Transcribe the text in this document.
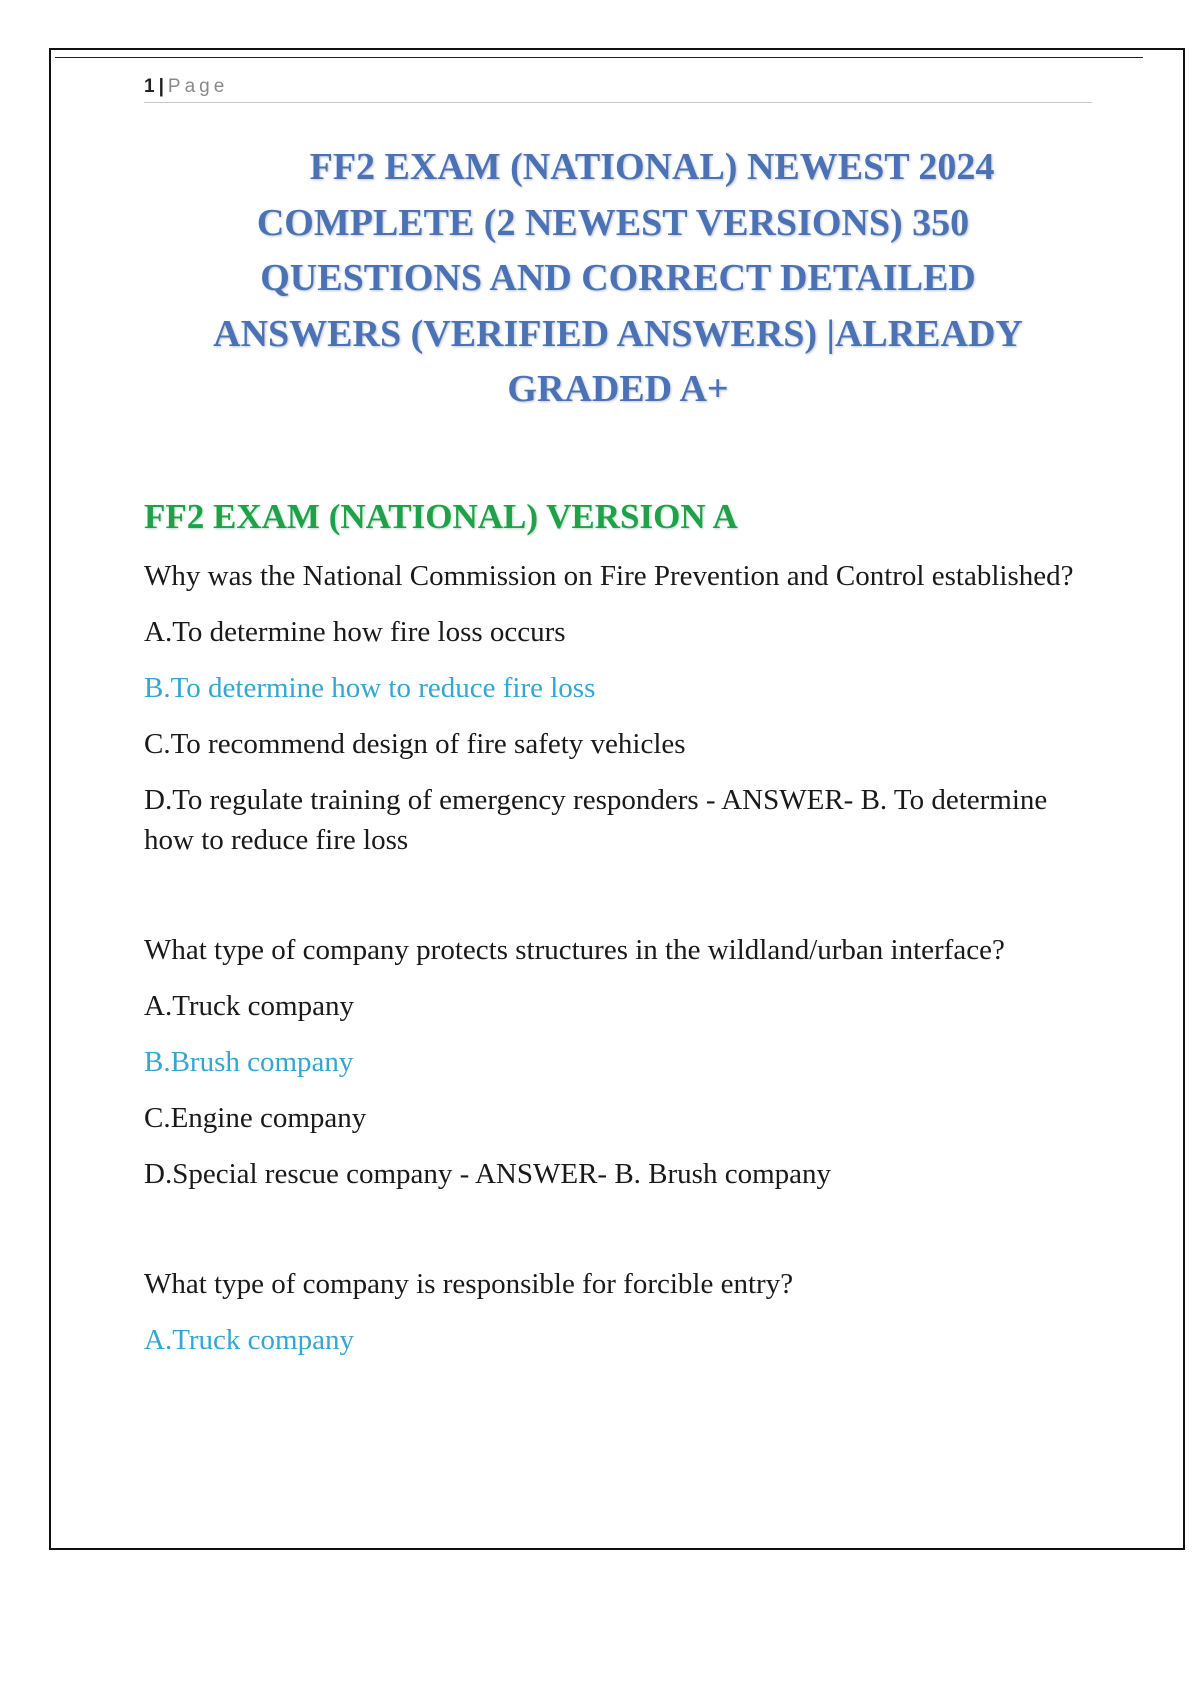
1 | Page
FF2 EXAM (NATIONAL) NEWEST 2024
COMPLETE (2 NEWEST VERSIONS) 350
QUESTIONS AND CORRECT DETAILED
ANSWERS (VERIFIED ANSWERS) |ALREADY
GRADED A+
FF2 EXAM (NATIONAL) VERSION A

Why was the National Commission on Fire Prevention and Control established?

A.To determine how fire loss occurs

B.To determine how to reduce fire loss

C.To recommend design of fire safety vehicles

D.To regulate training of emergency responders - ANSWER- B. To determine how to reduce fire loss

What type of company protects structures in the wildland/urban interface?

A.Truck company

B.Brush company

C.Engine company

D.Special rescue company - ANSWER- B. Brush company

What type of company is responsible for forcible entry?

A.Truck company
